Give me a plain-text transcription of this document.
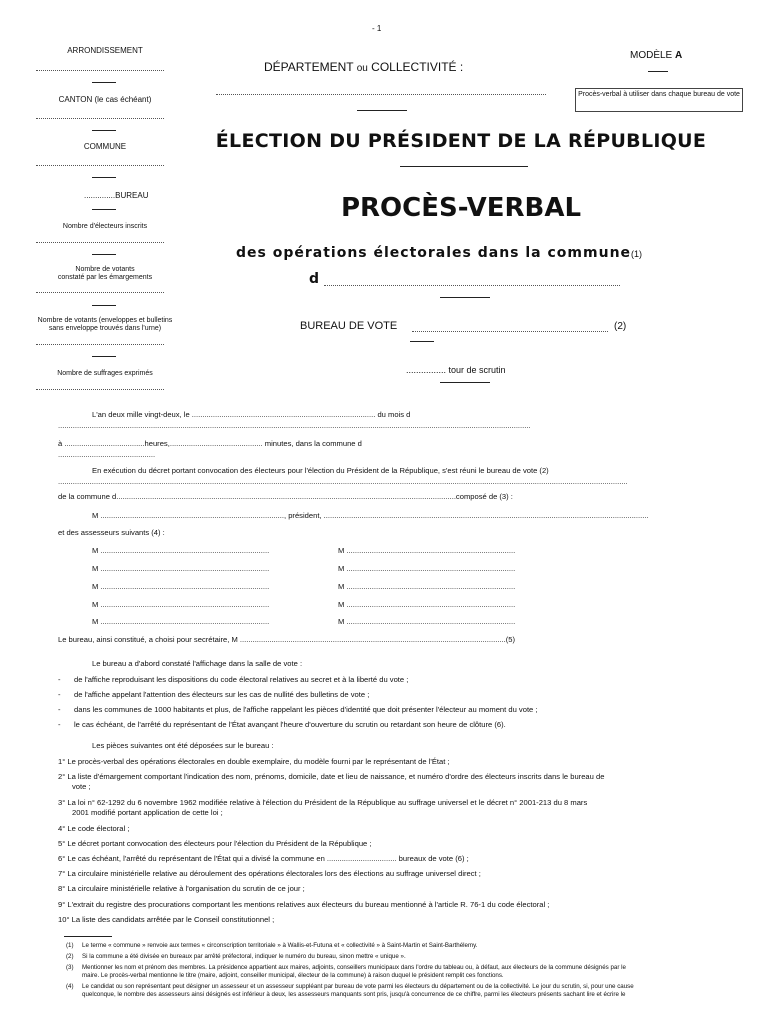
- 1
ARRONDISSEMENT
CANTON (le cas échéant)
COMMUNE
..............BUREAU
Nombre d'électeurs inscrits
Nombre de votants
constaté par les émargements
Nombre de votants (enveloppes et bulletins
sans enveloppe trouvés dans l'urne)
Nombre de suffrages exprimés
DÉPARTEMENT ou COLLECTIVITÉ :
MODÈLE A
Procès-verbal à utiliser dans chaque bureau de vote
ÉLECTION DU PRÉSIDENT DE LA RÉPUBLIQUE
PROCÈS-VERBAL
des opérations électorales dans la commune(1)
d
BUREAU DE VOTE	(2)
................ tour de scrutin
L'an deux mille vingt-deux, le ....................................................................................... du mois d
................................................................................................................................................................................................................................
à ......................................heures,............................................ minutes, dans la commune d
..............................................
En exécution du décret portant convocation des électeurs pour l'élection du Président de la République, s'est réuni le bureau de vote (2)
..............................................................................................................................................................................................................................................................................
de la commune d.................................................................................................................................................................composé de (3) :
M ......................................................................................., président, ..........................................................................................................................................................
et des assesseurs suivants (4) :
M ................................................................................	M ................................................................................
M ................................................................................	M ................................................................................
M ................................................................................	M ................................................................................
M ................................................................................	M ................................................................................
M ................................................................................	M ................................................................................
Le bureau, ainsi constitué, a choisi pour secrétaire, M ..............................................................................................................................(5)
Le bureau a d'abord constaté l'affichage dans la salle de vote :
- de l'affiche reproduisant les dispositions du code électoral relatives au secret et à la liberté du vote ;
- de l'affiche appelant l'attention des électeurs sur les cas de nullité des bulletins de vote ;
- dans les communes de 1000 habitants et plus, de l'affiche rappelant les pièces d'identité que doit présenter l'électeur au moment du vote ;
- le cas échéant, de l'arrêté du représentant de l'État avançant l'heure d'ouverture du scrutin ou retardant son heure de clôture (6).
Les pièces suivantes ont été déposées sur le bureau :
1° Le procès-verbal des opérations électorales en double exemplaire, du modèle fourni par le représentant de l'État ;
2° La liste d'émargement comportant l'indication des nom, prénoms, domicile, date et lieu de naissance, et numéro d'ordre des électeurs inscrits dans le bureau de
vote ;
3° La loi n° 62-1292 du 6 novembre 1962 modifiée relative à l'élection du Président de la République au suffrage universel et le décret n° 2001-213 du 8 mars
2001 modifié portant application de cette loi ;
4° Le code électoral ;
5° Le décret portant convocation des électeurs pour l'élection du Président de la République ;
6° Le cas échéant, l'arrêté du représentant de l'État qui a divisé la commune en ................................. bureaux de vote (6) ;
7° La circulaire ministérielle relative au déroulement des opérations électorales lors des élections au suffrage universel direct ;
8° La circulaire ministérielle relative à l'organisation du scrutin de ce jour ;
9° L'extrait du registre des procurations comportant les mentions relatives aux électeurs du bureau mentionné à l'article R. 76-1 du code électoral ;
10° La liste des candidats arrêtée par le Conseil constitutionnel ;
(1) Le terme « commune » renvoie aux termes « circonscription territoriale » à Wallis-et-Futuna et « collectivité » à Saint-Martin et Saint-Barthélemy.
(2) Si la commune a été divisée en bureaux par arrêté préfectoral, indiquer le numéro du bureau, sinon mettre « unique ».
(3) Mentionner les nom et prénom des membres. La présidence appartient aux maires, adjoints, conseillers municipaux dans l'ordre du tableau ou, à défaut, aux électeurs de la commune désignés par le
maire. Le procès-verbal mentionne le titre (maire, adjoint, conseiller municipal, électeur de la commune) à raison duquel le président remplit ces fonctions.
(4) Le candidat ou son représentant peut désigner un assesseur et un assesseur suppléant par bureau de vote parmi les électeurs du département ou de la collectivité. Le jour du scrutin, si, pour une cause
quelconque, le nombre des assesseurs ainsi désignés est inférieur à deux, les assesseurs manquants sont pris, jusqu'à concurrence de ce chiffre, parmi les électeurs présents sachant lire et écrire le
